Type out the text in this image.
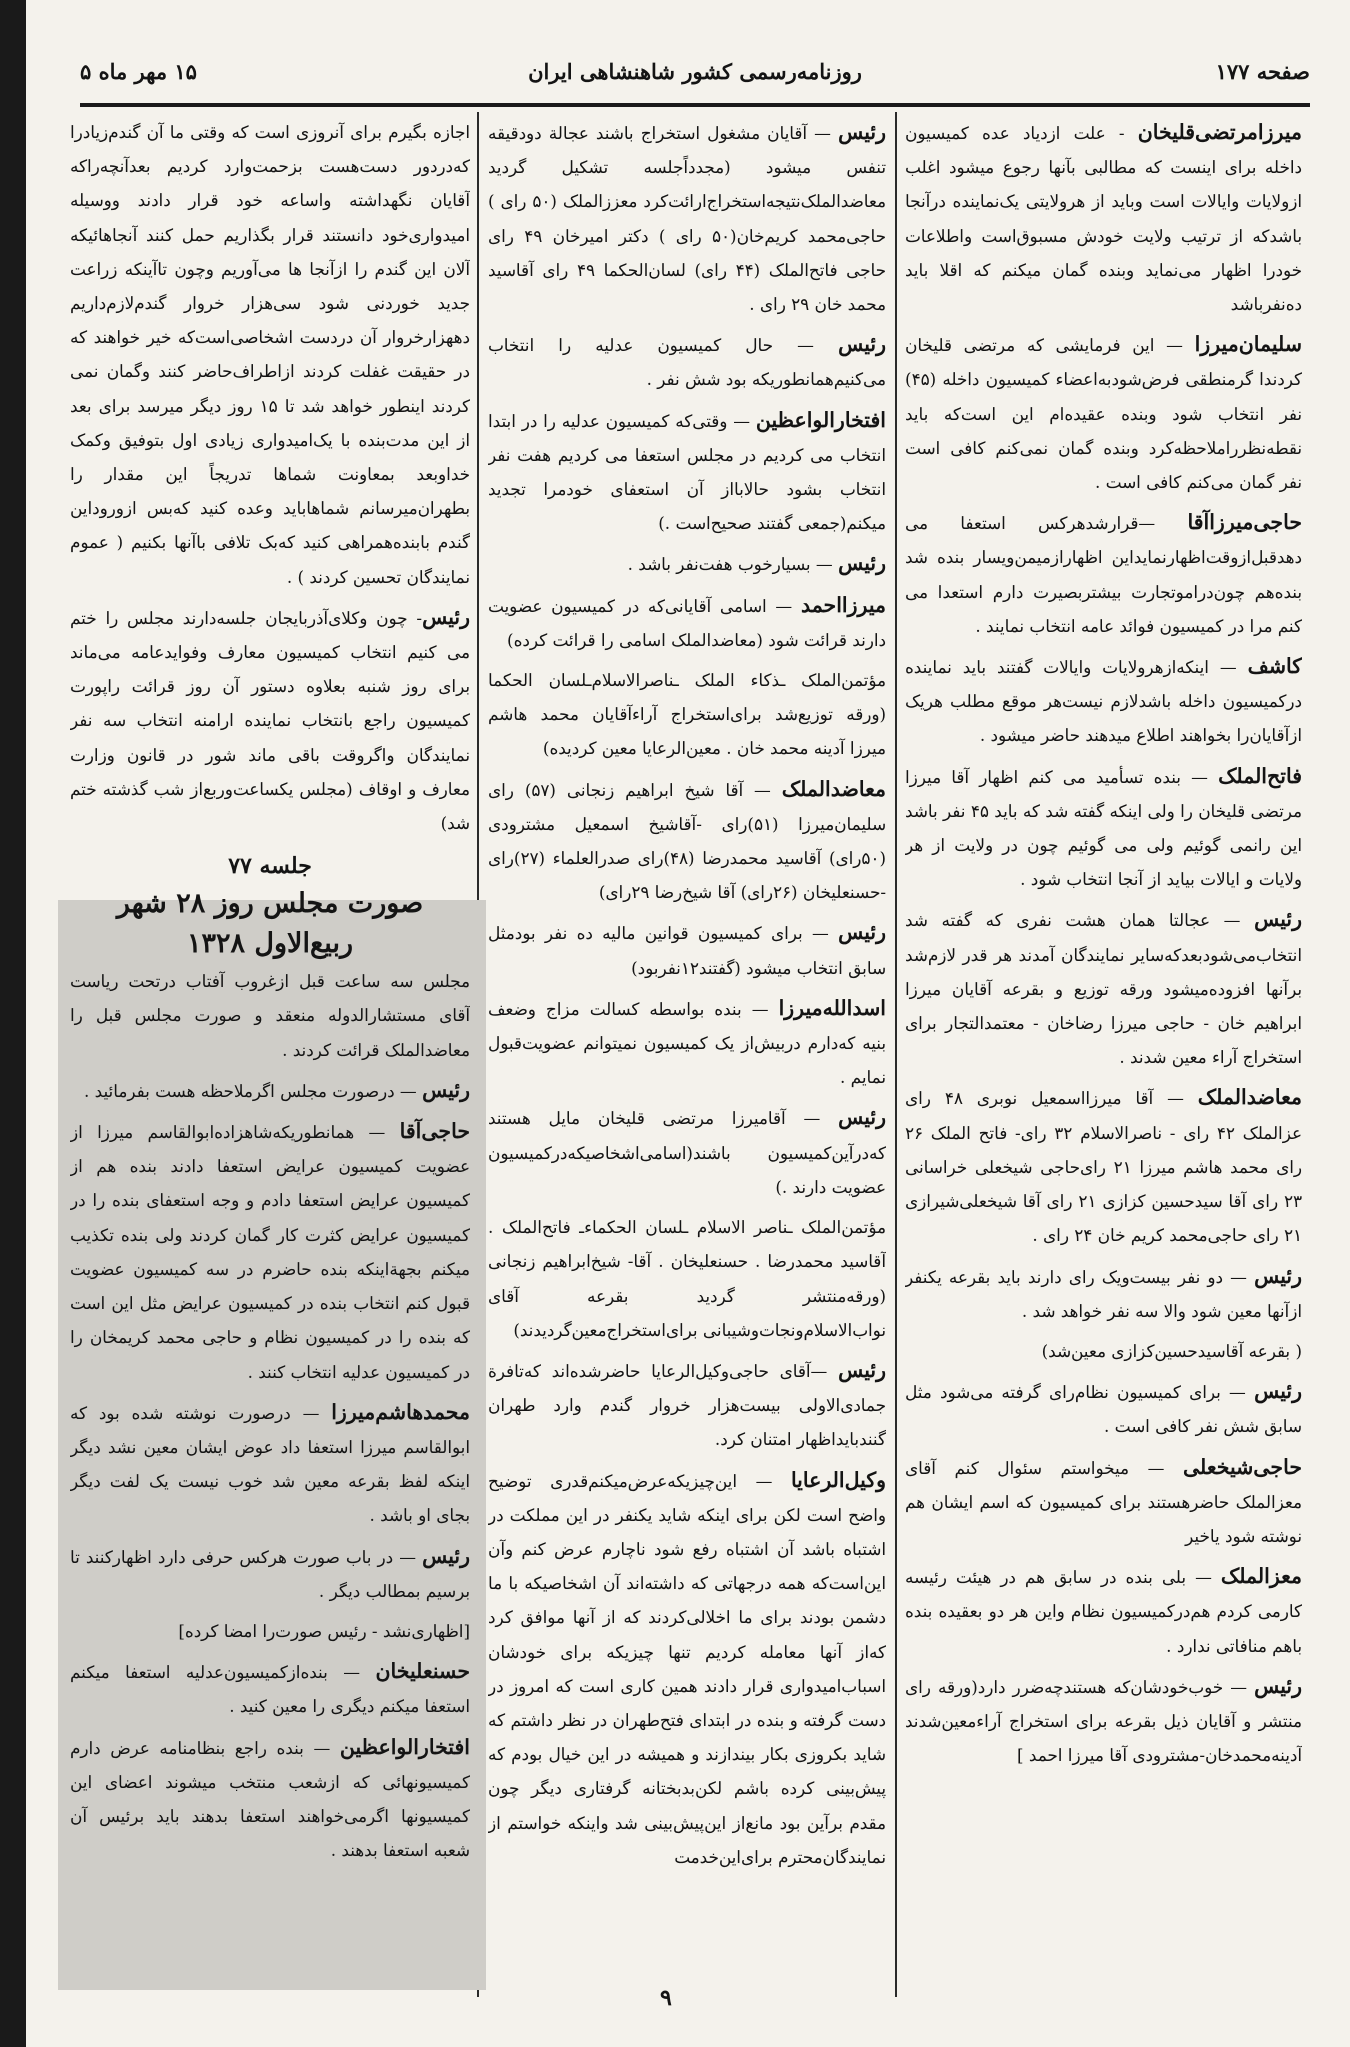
صفحه ۱۷۷
روزنامه‌رسمی کشور شاهنشاهی ایران
۱۵ مهر ماه ۵

میرزامرتضی‌قلیخان - علت ازدیاد عده کمیسیون داخله برای اینست که مطالبی بآنها رجوع میشود اغلب ازولایات وایالات است وباید از هرولایتی یک‌نماینده درآنجا باشدکه از ترتیب ولایت خودش مسبوق‌است واطلاعات خودرا اظهار می‌نماید وبنده گمان میکنم که اقلا باید ده‌نفرباشد

سلیمان‌میرزا — این فرمایشی که مرتضی قلیخان کردندا گرمنطقی فرض‌شودبه‌اعضاء کمیسیون داخله (۴۵) نفر انتخاب شود وبنده عقیده‌ام این است‌که باید نقطه‌نظرراملاحظه‌کرد وبنده گمان نمی‌کنم کافی است نفر گمان می‌کنم کافی است .

حاجی‌میرزاآقا —قرارشدهرکس استعفا می دهدقبل‌ازوقت‌اظهارنماید‌این اظهارازمیمن‌ویسار بنده شد بنده‌هم چون‌دراموتجارت بیشتربصیرت دارم استعدا می کنم مرا در کمیسیون فوائد عامه انتخاب نمایند .

کاشف — اینکه‌ازهرولایات وایالات گفتند باید نماینده درکمیسیون داخله باشدلازم نیست‌هر موقع مطلب هریک ازآقایان‌را بخواهند اطلاع میدهند حاضر میشود .

فاتح‌الملک — بنده تسأمید می کنم اظهار آقا میرزا مرتضی قلیخان را ولی اینکه گفته شد که باید ۴۵ نفر باشد این رانمی گوئیم ولی می گوئیم چون در ولایت از هر ولایات و ایالات بیاید از آنجا انتخاب شود .

رئیس — عجالتا همان هشت نفری که گفته شد انتخاب‌می‌شودبعدکه‌سایر نمایندگان آمدند هر قدر لازم‌شد برآنها افزوده‌میشود ورقه توزیع و بقرعه آقایان میرزا ابراهیم خان - حاجی میرزا رضاخان - معتمدالتجار برای استخراج آراء معین شدند .

معاضدالملک — آقا میرزااسمعیل نوبری ۴۸ رای عزالملک ۴۲ رای - ناصرالاسلام ۳۲ رای- فاتح الملک ۲۶ رای محمد هاشم میرزا ۲۱ رای‌حاجی شیخعلی خراسانی ۲۳ رای آقا سیدحسین کزازی ۲۱ رای آقا شیخعلی‌شیرازی ۲۱ رای حاجی‌محمد کریم خان ۲۴ رای .

رئیس — دو نفر بیست‌ویک رای دارند باید بقرعه یکنفر ازآنها معین شود والا سه نفر خواهد شد .

( بقرعه آقاسیدحسین‌کزازی معین‌شد)

رئیس — برای کمیسیون نظام‌رای گرفته می‌شود مثل سابق شش نفر کافی است .

حاجی‌شیخعلی — میخواستم سئوال کنم آقای معزالملک حاضرهستند برای کمیسیون که اسم ایشان هم نوشته شود یاخیر

معزالملک — بلی بنده در سابق هم در هیئت رئیسه کارمی کردم هم‌درکمیسیون نظام واین هر دو بعقیده بنده باهم منافاتی ندارد .

رئیس — خوب‌خودشان‌که هستندچه‌ضرر دارد(ورقه رای منتشر و آقایان ذیل بقرعه برای استخراج آراءمعین‌شدند آدینه‌محمدخان-مشترودی آقا میرزا احمد ]

رئیس — آقایان مشغول استخراج باشند عجالة دودقیقه تنفس میشود (مجدداًجلسه تشکیل گردید معاضدالملک‌نتیجه‌استخراج‌ارائت‌کرد معززالملک (۵۰ رای ) حاجی‌محمد کریم‌خان(۵۰ رای ) دکتر امیرخان ۴۹ رای حاجی فاتح‌الملک (۴۴ رای) لسان‌الحکما ۴۹ رای آقاسید محمد خان ۲۹ رای .

رئیس — حال کمیسیون عدلیه را انتخاب می‌کنیم‌همانطوریکه بود شش نفر .

افتخارالواعظین — وقتی‌که کمیسیون عدلیه را در ابتدا انتخاب می کردیم در مجلس استعفا می کردیم هفت نفر انتخاب بشود حالابااز آن استعفای خودمرا تجدید میکنم(جمعی گفتند صحیح‌است .)

رئیس — بسیارخوب هفت‌نفر باشد .

میرزااحمد — اسامی آقایانی‌که در کمیسیون عضویت دارند قرائت شود (معاضدالملک اسامی را قرائت کرده)

مؤتمن‌الملک ـذکاء الملک ـناصر‌الاسلام‌ـلسان الحکما (ورقه توزیع‌شد برای‌استخراج آراءآقایان محمد هاشم میرزا آدینه محمد خان . معین‌الرعایا معین کردیده)

معاضدالملک — آقا شیخ ابراهیم زنجانی (۵۷) رای سلیمان‌میرزا (۵۱)رای -آقاشیخ اسمعیل مشترودی (۵۰رای) آقاسید محمدرضا (۴۸)رای صدرالعلماء (۲۷)رای -حسنعلیخان (۲۶رای) آقا شیخ‌رضا ۲۹رای)

رئیس — برای کمیسیون قوانین مالیه ده نفر بودمثل سابق انتخاب میشود (گفتند۱۲نفربود)

اسدالله‌میرزا — بنده بواسطه کسالت مزاج وضعف بنیه کەدارم دربیش‌از یک کمیسیون نمیتوانم عضویت‌قبول نمایم .

رئیس — آقامیرزا مرتضی قلیخان مایل هستند که‌درآین‌کمیسیون باشند(اسامی‌اشخاصیکه‌درکمیسیون عضویت دارند .)

مؤتمن‌الملک ـناصر الاسلام ـلسان الحکماء‌ـ فاتح‌الملک . آقاسید محمدرضا . حسنعلیخان . آقا- شیخ‌ابراهیم زنجانی (ورقه‌منتشر گردید بقرعه آقای نواب‌الاسلام‌ونجات‌وشیبانی برای‌استخراج‌معین‌گردیدند)

رئیس —آقای حاجی‌وکیل‌الرعایا حاضرشده‌اند که‌تافرة جمادی‌الاولی بیست‌هزار خروار گندم وارد طهران گنندبایداظهار امتنان کرد.

وکیل‌الرعایا — این‌چیزیکه‌عرض‌میکنم‌قدری توضیح واضح است لکن برای اینکه شاید یکنفر در این مملکت در اشتباه باشد آن اشتباه رفع شود ناچارم عرض کنم وآن این‌است‌که همه درجهاتی که داشته‌اند آن اشخاصیکه با ما دشمن بودند برای ما اخلالی‌کردند که از آنها موافق کرد که‌از آنها معامله کردیم تنها چیزیکه برای خودشان اسباب‌امیدواری قرار دادند همین کاری است که امروز در دست گرفته و بنده در ابتدای فتح‌طهران در نظر داشتم که شاید بکروزی بکار بیندازند و همیشه در این خیال بودم که پیش‌بینی کرده باشم لکن‌بدبختانه گرفتاری دیگر چون مقدم برآین بود مانع‌از این‌پیش‌بینی شد واینکه خواستم از نمایندگان‌محترم برای‌این‌خدمت

اجازه بگیرم برای آنروزی است که وقتی ما آن گندم‌زیاد‌را که‌در‌دور دست‌هست بزحمت‌وارد کردیم بعد‌آنچه‌راکه آقایان نگهداشته واساعه خود قرار دادند ووسیله امیدواری‌خود دانستند ‌قرار بگذاریم حمل کنند آنجاهائیکه آلان این گندم را ازآنجا ها می‌آوریم وچون تاآینکه زراعت جدید خوردنی شود سی‌هزار خروار گندم‌لازم‌داریم دههزارخروار آن دردست اشخاصی‌است‌که خیر خواهند که در حقیقت غفلت کردند ازاطراف‌حاضر کنند وگمان نمی کردند اینطور خواهد شد تا‌ ۱۵ روز دیگر میرسد برای بعد از این مدت‌بنده با یک‌امیدواری زیادی اول بتوفیق وکمک خداوبعد بمعاونت شماها تدریجاً این مقدار را بطهران‌میرسانم شماهاباید وعده کنید کەبس ازوروداین گندم بابنده‌همراهی کنید کەبک تلافی باآنها بکنیم ( عموم نمایندگان تحسین کردند ) .

رئیس- چون وکلای‌آذربایجان جلسه‌دارند مجلس را ختم می کنیم انتخاب کمیسیون معارف وفوایدعامه می‌ماند برای روز شنبه بعلاوه دستور آن روز قرائت راپورت کمیسیون راجع بانتخاب نماینده ارامنه انتخاب سه نفر نمایندگان واگروقت باقی ماند شور در قانون وزارت معارف و اوقاف (مجلس یکساعت‌وربع‌از شب گذشته ختم شد)

جلسه ۷۷
صورت مجلس روز ۲۸ شهر
ربیع‌الاول ۱۳۲۸

مجلس سه ساعت قبل ازغروب آفتاب درتحت ریاست آقای مستشارالدوله منعقد و صورت مجلس قبل را معاضدالملک قرائت کردند .

رئیس — درصورت مجلس اگرملاحظه هست بفرمائید .

حاجی‌آقا — همانطوریکه‌شاهزاده‌ابوالقاسم میرزا از عضویت کمیسیون عرایض استعفا دادند بنده هم از کمیسیون عرایض استعفا دادم و وجه استعفای بنده را در کمیسیون عرایض کثرت کار گمان کردند ولی بنده تکذیب میکنم بجهةاینکه بنده حاضرم در سه کمیسیون عضویت قبول کنم انتخاب بنده در کمیسیون عرایض مثل این است که بنده را در کمیسیون نظام و حاجی محمد کریمخان را در کمیسیون عدلیه انتخاب کنند .

محمدهاشم‌میرزا — درصورت نوشته شده بود که ابوالقاسم میرزا استعفا داد عوض ایشان معین نشد دیگر اینکه لفظ بقرعه معین شد خوب نیست یک لفت دیگر بجای او باشد .

رئیس — در باب صورت هرکس حرفی دارد اظهارکنند تا برسیم بمطالب دیگر .

[اظهاری‌نشد - رئیس صورت‌را امضا کرده]

حسنعلیخان — بنده‌از‌کمیسیون‌عدلیه استعفا میکنم استعفا میکنم دیگری را معین کنید .

افتخارالواعظین — بنده راجع بنظامنامه عرض دارم کمیسیونهائی که ازشعب منتخب میشوند اعضای این کمیسیونها اگرمی‌خواهند استعفا بدهند باید برئیس آن شعبه استعفا بدهند .

۹
